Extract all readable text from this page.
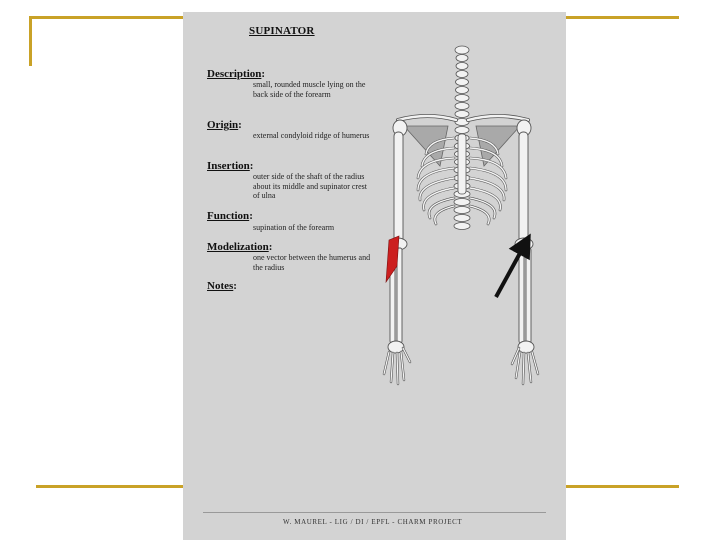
SUPINATOR
Description:
small, rounded muscle lying on the back side of the forearm
Origin:
external condyloid ridge of humerus
Insertion:
outer side of the shaft of the radius about its middle and supinator crest of ulna
Function:
supination of the forearm
Modelization:
one vector between the humerus and the radius
Notes:
W. MAUREL - LIG / DI / EPFL - CHARM PROJECT
